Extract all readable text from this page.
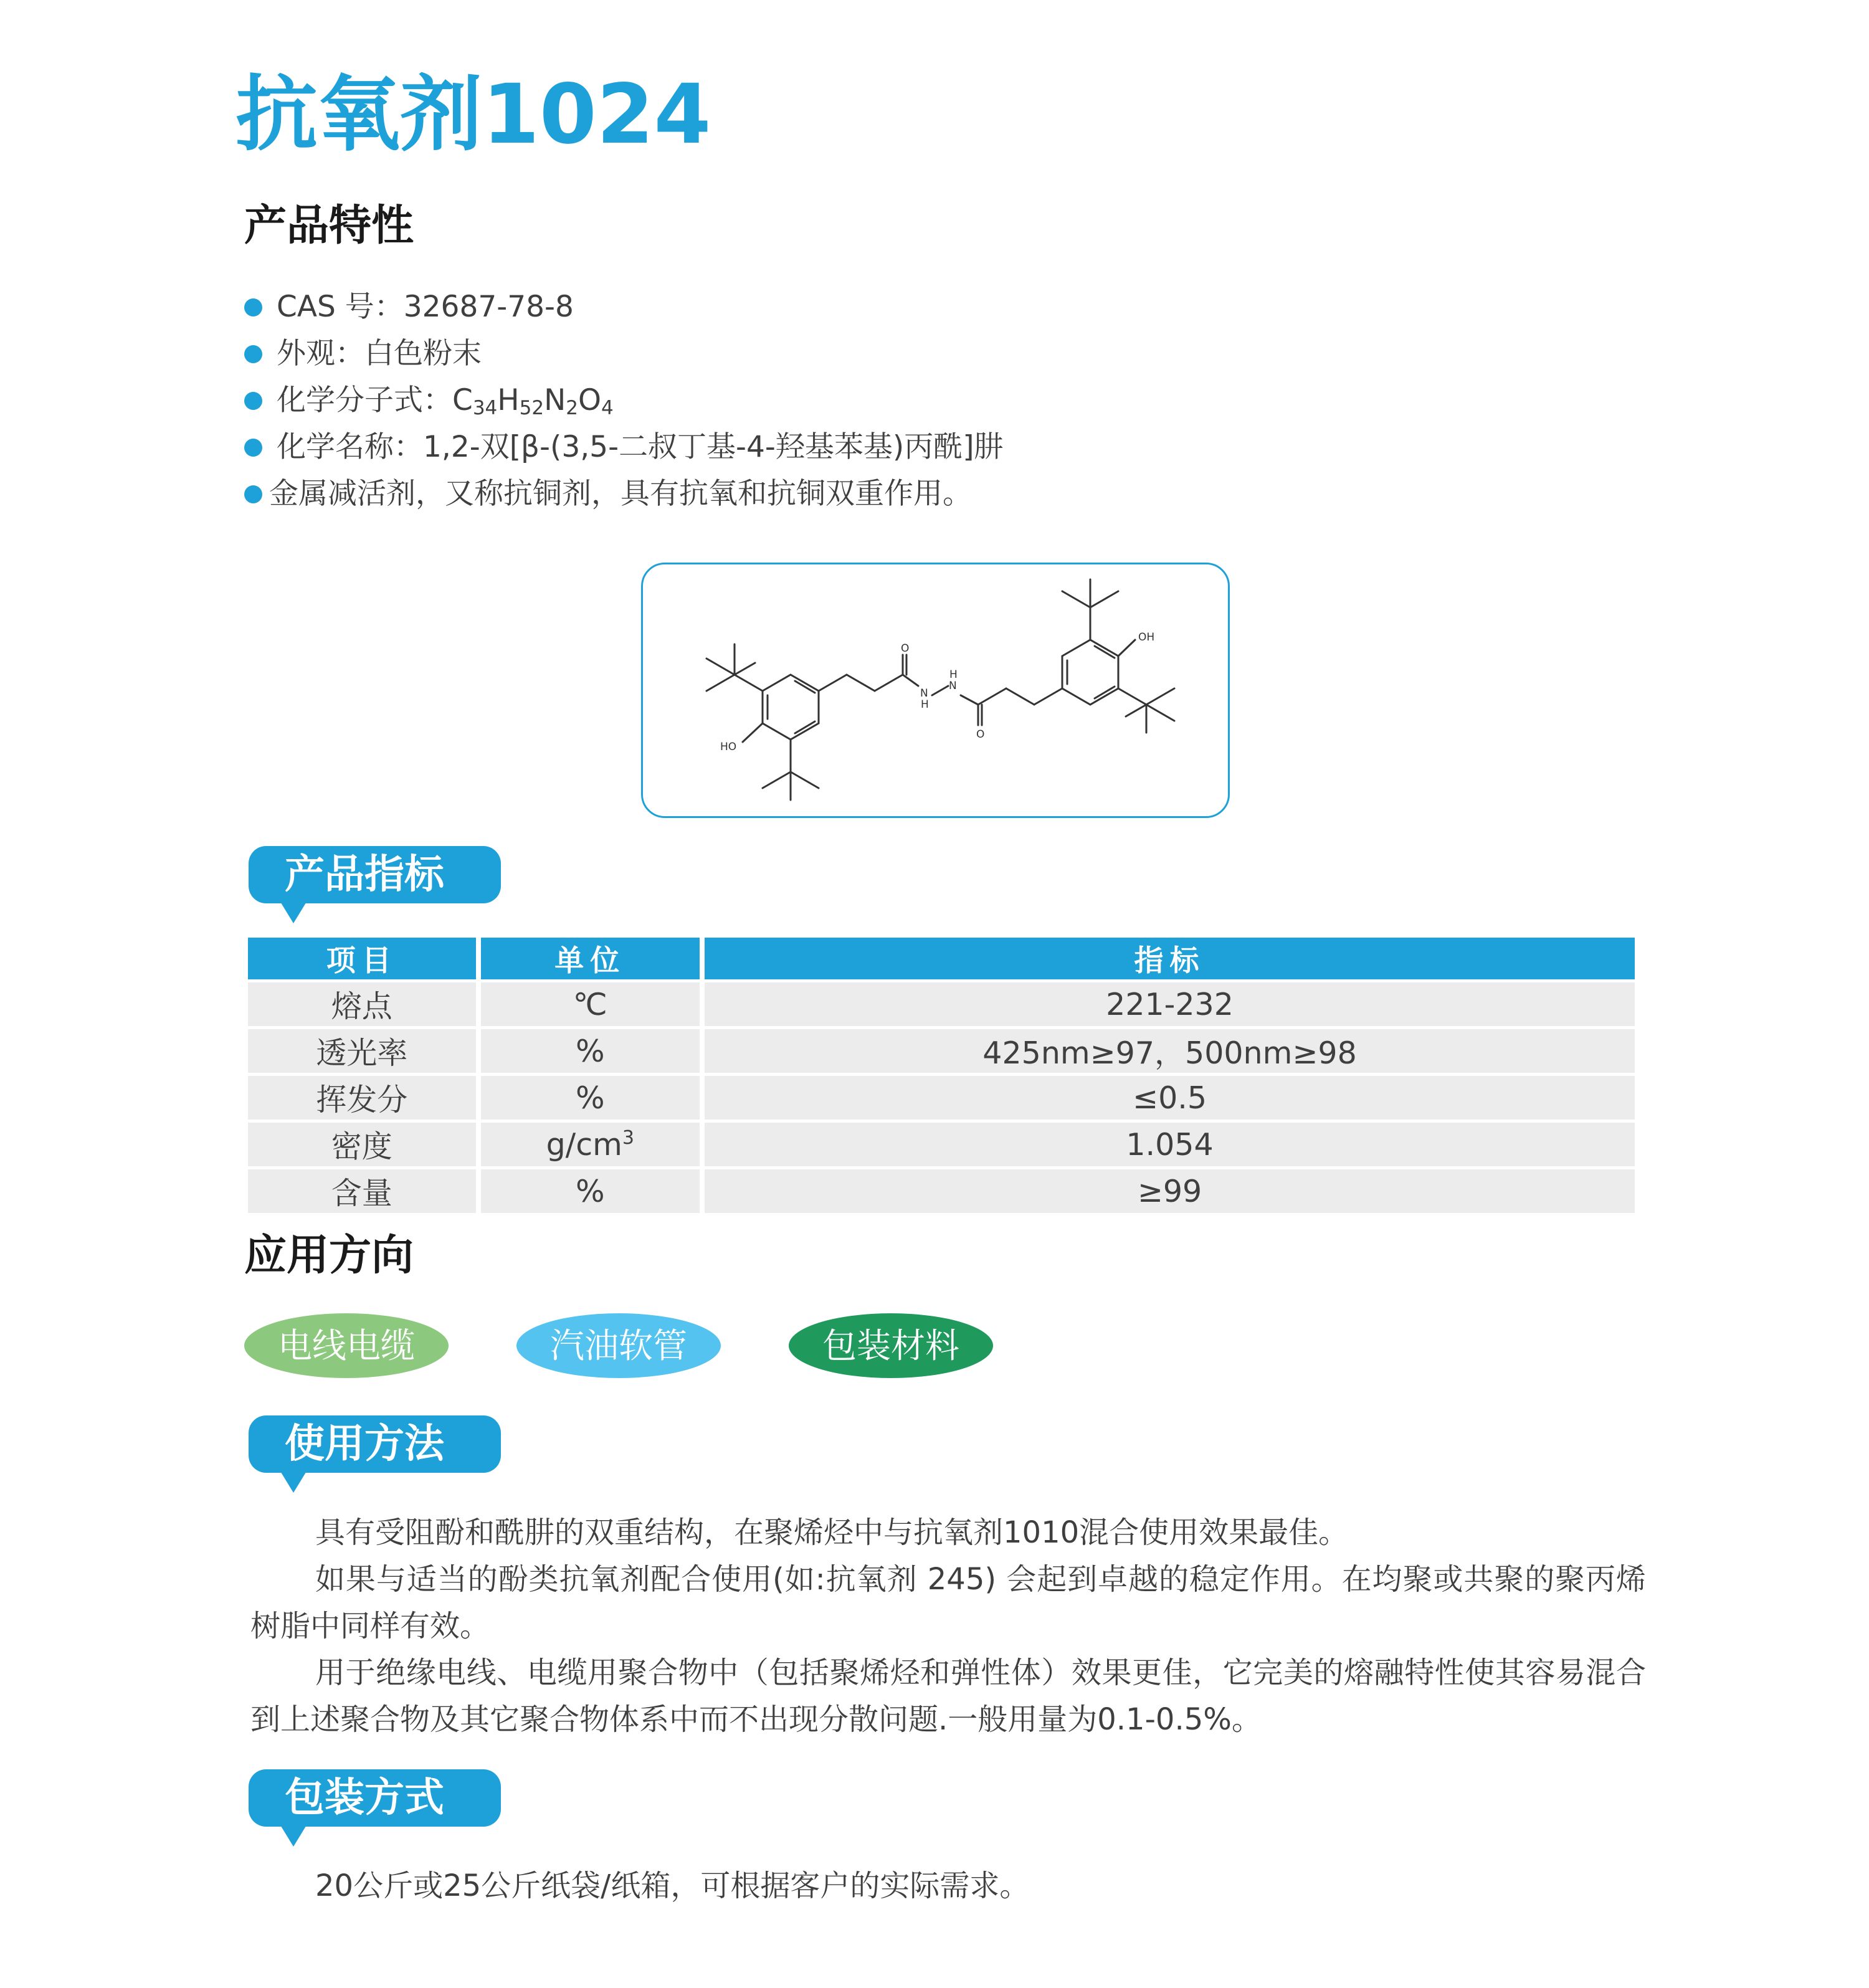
抗氧剂1024
产品特性
CAS 号：32687-78-8
外观：白色粉末
化学分子式：$C_{34}H_{52}N_2O_4$
化学名称：1,2-双[β-(3,5-二叔丁基-4-羟基苯基)丙酰]肼
金属减活剂，又称抗铜剂，具有抗氧和抗铜双重作用。
OH
HO
O
O
N
H
N
H
产品指标
项目	单位	指标
熔点	℃	221-232
透光率	%	425nm≥97，500nm≥98
挥发分	%	≤0.5
密度	$g/cm^3$	1.054
含量	%	≥99
应用方向
电线电缆	汽油软管	包装材料
使用方法

具有受阻酚和酰肼的双重结构，在聚烯烃中与抗氧剂1010混合使用效果最佳。

如果与适当的酚类抗氧剂配合使用(如:抗氧剂 245) 会起到卓越的稳定作用。在均聚或共聚的聚丙烯树脂中同样有效。

用于绝缘电线、电缆用聚合物中（包括聚烯烃和弹性体）效果更佳，它完美的熔融特性使其容易混合到上述聚合物及其它聚合物体系中而不出现分散问题.一般用量为0.1-0.5%。

包装方式

20公斤或25公斤纸袋/纸箱，可根据客户的实际需求。
